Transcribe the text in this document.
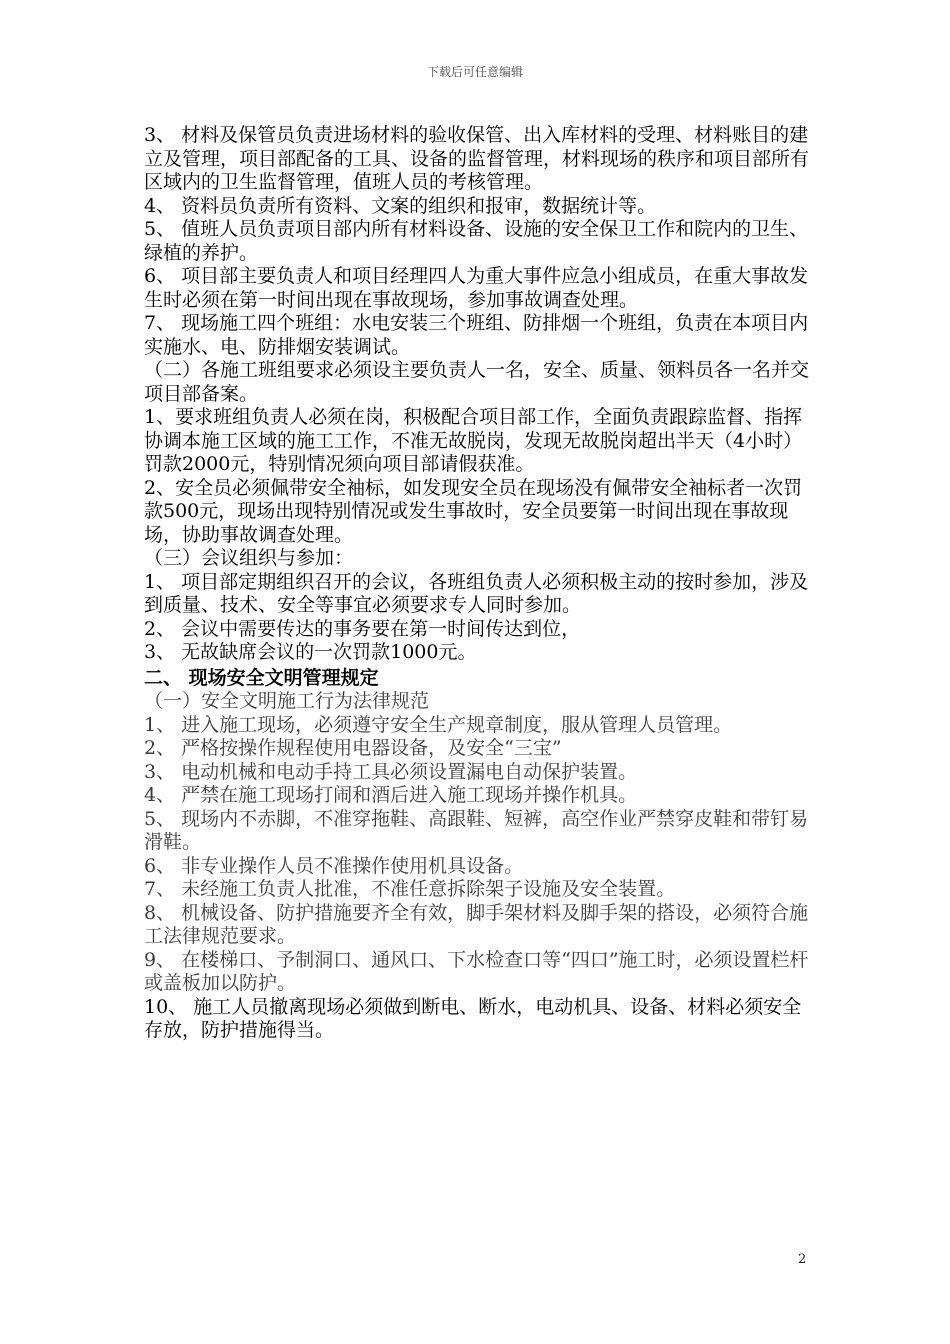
下载后可任意编辑

3、 材料及保管员负责进场材料的验收保管、出入库材料的受理、材料账目的建立及管理，项目部配备的工具、设备的监督管理，材料现场的秩序和项目部所有区域内的卫生监督管理，值班人员的考核管理。

4、 资料员负责所有资料、文案的组织和报审，数据统计等。

5、 值班人员负责项目部内所有材料设备、设施的安全保卫工作和院内的卫生、绿植的养护。

6、 项目部主要负责人和项目经理四人为重大事件应急小组成员，在重大事故发生时必须在第一时间出现在事故现场，参加事故调查处理。

7、 现场施工四个班组：水电安装三个班组、防排烟一个班组，负责在本项目内实施水、电、防排烟安装调试。

（二）各施工班组要求必须设主要负责人一名，安全、质量、领料员各一名并交项目部备案。

1、要求班组负责人必须在岗，积极配合项目部工作，全面负责跟踪监督、指挥协调本施工区域的施工工作，不准无故脱岗，发现无故脱岗超出半天（4小时）罚款2000元，特别情况须向项目部请假获准。

2、安全员必须佩带安全袖标，如发现安全员在现场没有佩带安全袖标者一次罚款500元，现场出现特别情况或发生事故时，安全员要第一时间出现在事故现场，协助事故调查处理。

（三）会议组织与参加：

1、 项目部定期组织召开的会议，各班组负责人必须积极主动的按时参加，涉及到质量、技术、安全等事宜必须要求专人同时参加。

2、 会议中需要传达的事务要在第一时间传达到位，

3、 无故缺席会议的一次罚款1000元。

二、 现场安全文明管理规定

（一）安全文明施工行为法律规范

1、 进入施工现场，必须遵守安全生产规章制度，服从管理人员管理。

2、 严格按操作规程使用电器设备，及安全“三宝”

3、 电动机械和电动手持工具必须设置漏电自动保护装置。

4、 严禁在施工现场打闹和酒后进入施工现场并操作机具。

5、 现场内不赤脚，不准穿拖鞋、高跟鞋、短裤，高空作业严禁穿皮鞋和带钉易滑鞋。

6、 非专业操作人员不准操作使用机具设备。

7、 未经施工负责人批准，不准任意拆除架子设施及安全装置。

8、 机械设备、防护措施要齐全有效，脚手架材料及脚手架的搭设，必须符合施工法律规范要求。

9、 在楼梯口、予制洞口、通风口、下水检查口等“四口”施工时，必须设置栏杆或盖板加以防护。

10、 施工人员撤离现场必须做到断电、断水，电动机具、设备、材料必须安全存放，防护措施得当。

2
